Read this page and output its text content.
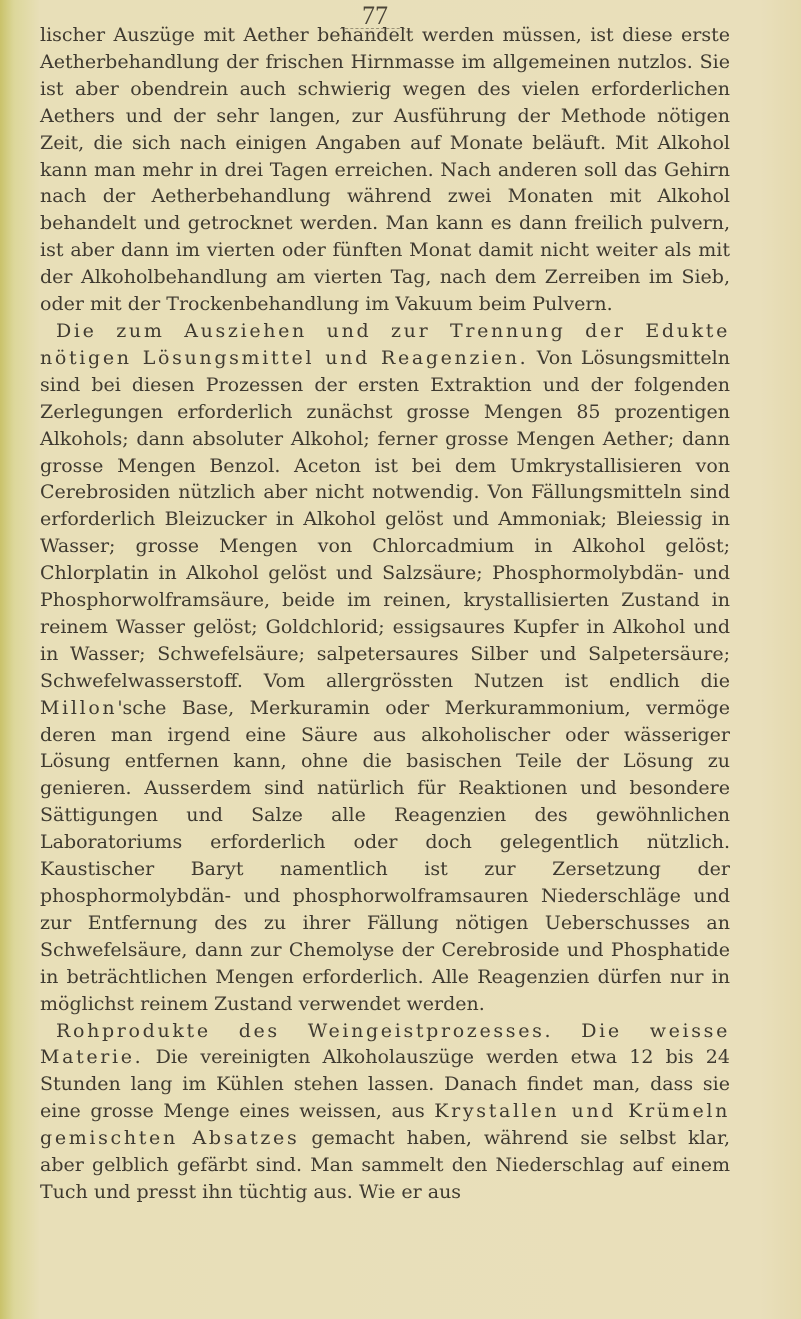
77

lischer Auszüge mit Aether behandelt werden müssen, ist diese erste Aetherbehandlung der frischen Hirnmasse im allgemeinen nutzlos. Sie ist aber obendrein auch schwierig wegen des vielen erforderlichen Aethers und der sehr langen, zur Ausführung der Methode nötigen Zeit, die sich nach einigen Angaben auf Monate beläuft. Mit Alkohol kann man mehr in drei Tagen erreichen. Nach anderen soll das Gehirn nach der Aetherbehandlung während zwei Monaten mit Alkohol behandelt und getrocknet werden. Man kann es dann freilich pulvern, ist aber dann im vierten oder fünften Monat damit nicht weiter als mit der Alkoholbehandlung am vierten Tag, nach dem Zerreiben im Sieb, oder mit der Trockenbehandlung im Vakuum beim Pulvern.

Die zum Ausziehen und zur Trennung der Edukte nötigen Lösungsmittel und Reagenzien. Von Lösungsmitteln sind bei diesen Prozessen der ersten Extraktion und der folgenden Zerlegungen erforderlich zunächst grosse Mengen 85 prozentigen Alkohols; dann absoluter Alkohol; ferner grosse Mengen Aether; dann grosse Mengen Benzol. Aceton ist bei dem Umkrystallisieren von Cerebrosiden nützlich aber nicht notwendig. Von Fällungsmitteln sind erforderlich Bleizucker in Alkohol gelöst und Ammoniak; Bleiessig in Wasser; grosse Mengen von Chlorcadmium in Alkohol gelöst; Chlorplatin in Alkohol gelöst und Salzsäure; Phosphormolybdän- und Phosphorwolframsäure, beide im reinen, krystallisierten Zustand in reinem Wasser gelöst; Goldchlorid; essigsaures Kupfer in Alkohol und in Wasser; Schwefelsäure; salpetersaures Silber und Salpetersäure; Schwefelwasserstoff. Vom allergrössten Nutzen ist endlich die Millon'sche Base, Merkuramin oder Merkurammonium, vermöge deren man irgend eine Säure aus alkoholischer oder wässeriger Lösung entfernen kann, ohne die basischen Teile der Lösung zu genieren. Ausserdem sind natürlich für Reaktionen und besondere Sättigungen und Salze alle Reagenzien des gewöhnlichen Laboratoriums erforderlich oder doch gelegentlich nützlich. Kaustischer Baryt namentlich ist zur Zersetzung der phosphormolybdän- und phosphorwolframsauren Niederschläge und zur Entfernung des zu ihrer Fällung nötigen Ueberschusses an Schwefelsäure, dann zur Chemolyse der Cerebroside und Phosphatide in beträchtlichen Mengen erforderlich. Alle Reagenzien dürfen nur in möglichst reinem Zustand verwendet werden.

Rohprodukte des Weingeistprozesses. Die weisse Materie. Die vereinigten Alkoholauszüge werden etwa 12 bis 24 Stunden lang im Kühlen stehen lassen. Danach findet man, dass sie eine grosse Menge eines weissen, aus Krystallen und Krümeln gemischten Absatzes gemacht haben, während sie selbst klar, aber gelblich gefärbt sind. Man sammelt den Niederschlag auf einem Tuch und presst ihn tüchtig aus. Wie er aus
